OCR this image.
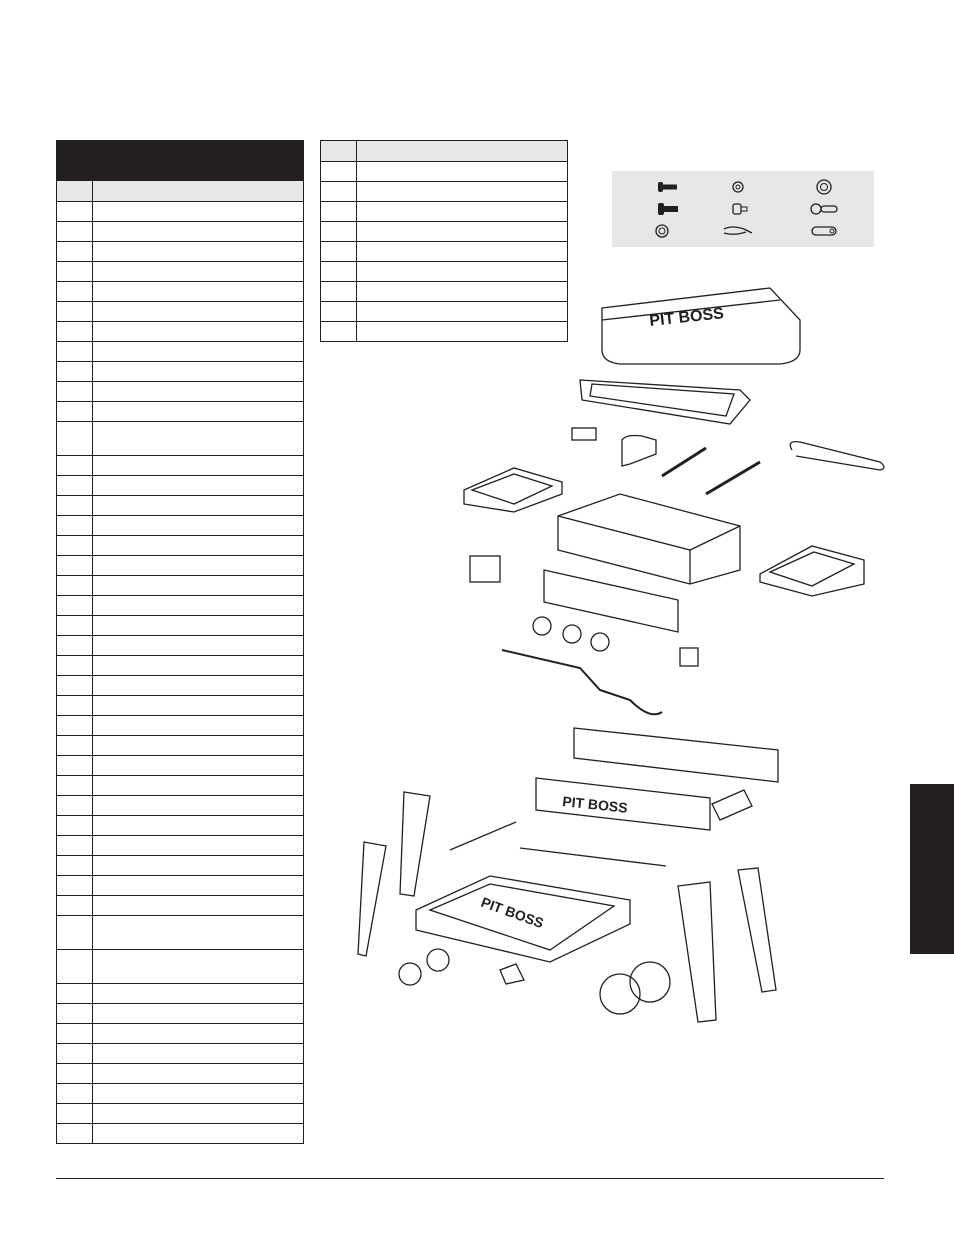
PIT BOSS
PIT BOSS
PIT BOSS
